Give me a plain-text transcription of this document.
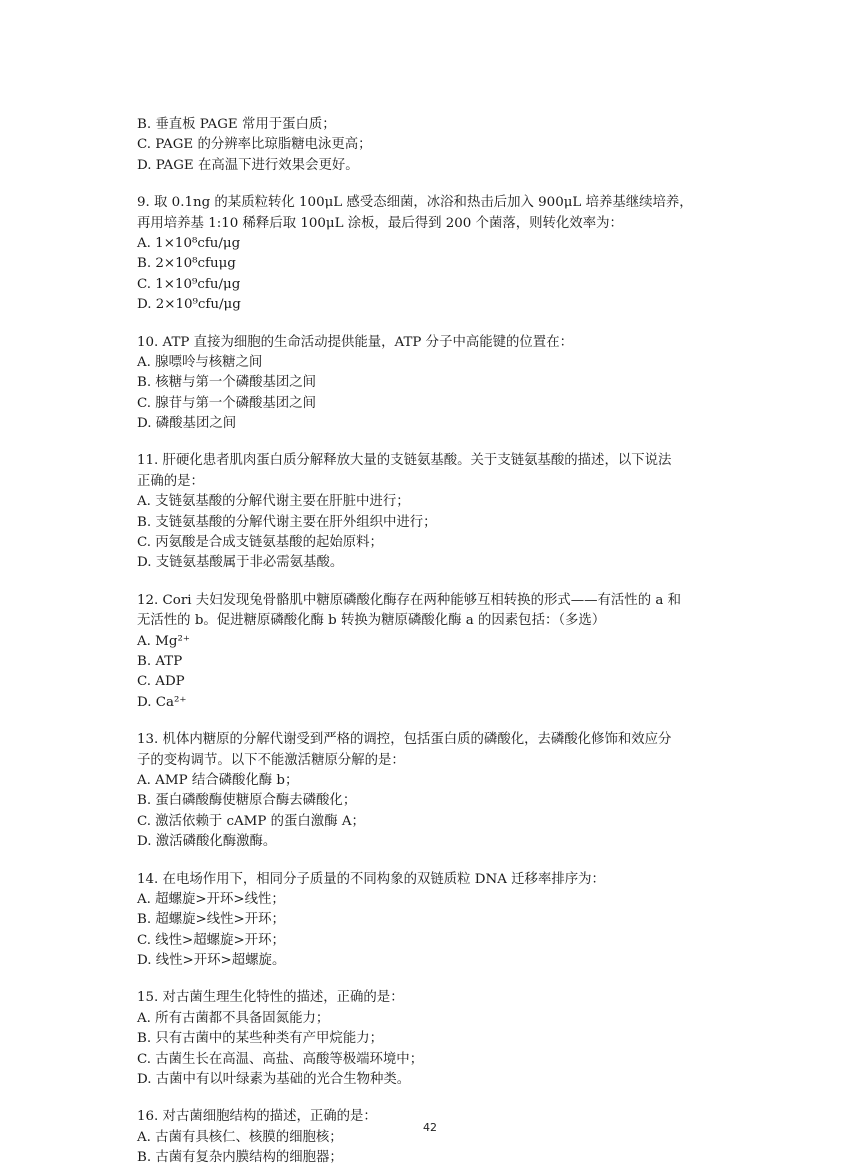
B. 垂直板 PAGE 常用于蛋白质；
C. PAGE 的分辨率比琼脂糖电泳更高；
D. PAGE 在高温下进行效果会更好。
9. 取 0.1ng 的某质粒转化 100μL 感受态细菌，冰浴和热击后加入 900μL 培养基继续培养，
再用培养基 1:10 稀释后取 100μL 涂板，最后得到 200 个菌落，则转化效率为：
A. 1×10⁸cfu/μg
B. 2×10⁸cfuμg
C. 1×10⁹cfu/μg
D. 2×10⁹cfu/μg
10. ATP 直接为细胞的生命活动提供能量，ATP 分子中高能键的位置在：
A. 腺嘌呤与核糖之间
B. 核糖与第一个磷酸基团之间
C. 腺苷与第一个磷酸基团之间
D. 磷酸基团之间
11. 肝硬化患者肌肉蛋白质分解释放大量的支链氨基酸。关于支链氨基酸的描述，以下说法
正确的是：
A. 支链氨基酸的分解代谢主要在肝脏中进行；
B. 支链氨基酸的分解代谢主要在肝外组织中进行；
C. 丙氨酸是合成支链氨基酸的起始原料；
D. 支链氨基酸属于非必需氨基酸。
12. Cori 夫妇发现兔骨骼肌中糖原磷酸化酶存在两种能够互相转换的形式——有活性的 a 和
无活性的 b。促进糖原磷酸化酶 b 转换为糖原磷酸化酶 a 的因素包括：（多选）
A. Mg²⁺
B. ATP
C. ADP
D. Ca²⁺
13. 机体内糖原的分解代谢受到严格的调控，包括蛋白质的磷酸化，去磷酸化修饰和效应分
子的变构调节。以下不能激活糖原分解的是：
A. AMP 结合磷酸化酶 b；
B. 蛋白磷酸酶使糖原合酶去磷酸化；
C. 激活依赖于 cAMP 的蛋白激酶 A；
D. 激活磷酸化酶激酶。
14. 在电场作用下，相同分子质量的不同构象的双链质粒 DNA 迁移率排序为：
A. 超螺旋>开环>线性；
B. 超螺旋>线性>开环；
C. 线性>超螺旋>开环；
D. 线性>开环>超螺旋。
15. 对古菌生理生化特性的描述，正确的是：
A. 所有古菌都不具备固氮能力；
B. 只有古菌中的某些种类有产甲烷能力；
C. 古菌生长在高温、高盐、高酸等极端环境中；
D. 古菌中有以叶绿素为基础的光合生物种类。
16. 对古菌细胞结构的描述，正确的是：
A. 古菌有具核仁、核膜的细胞核；
B. 古菌有复杂内膜结构的细胞器；
42
